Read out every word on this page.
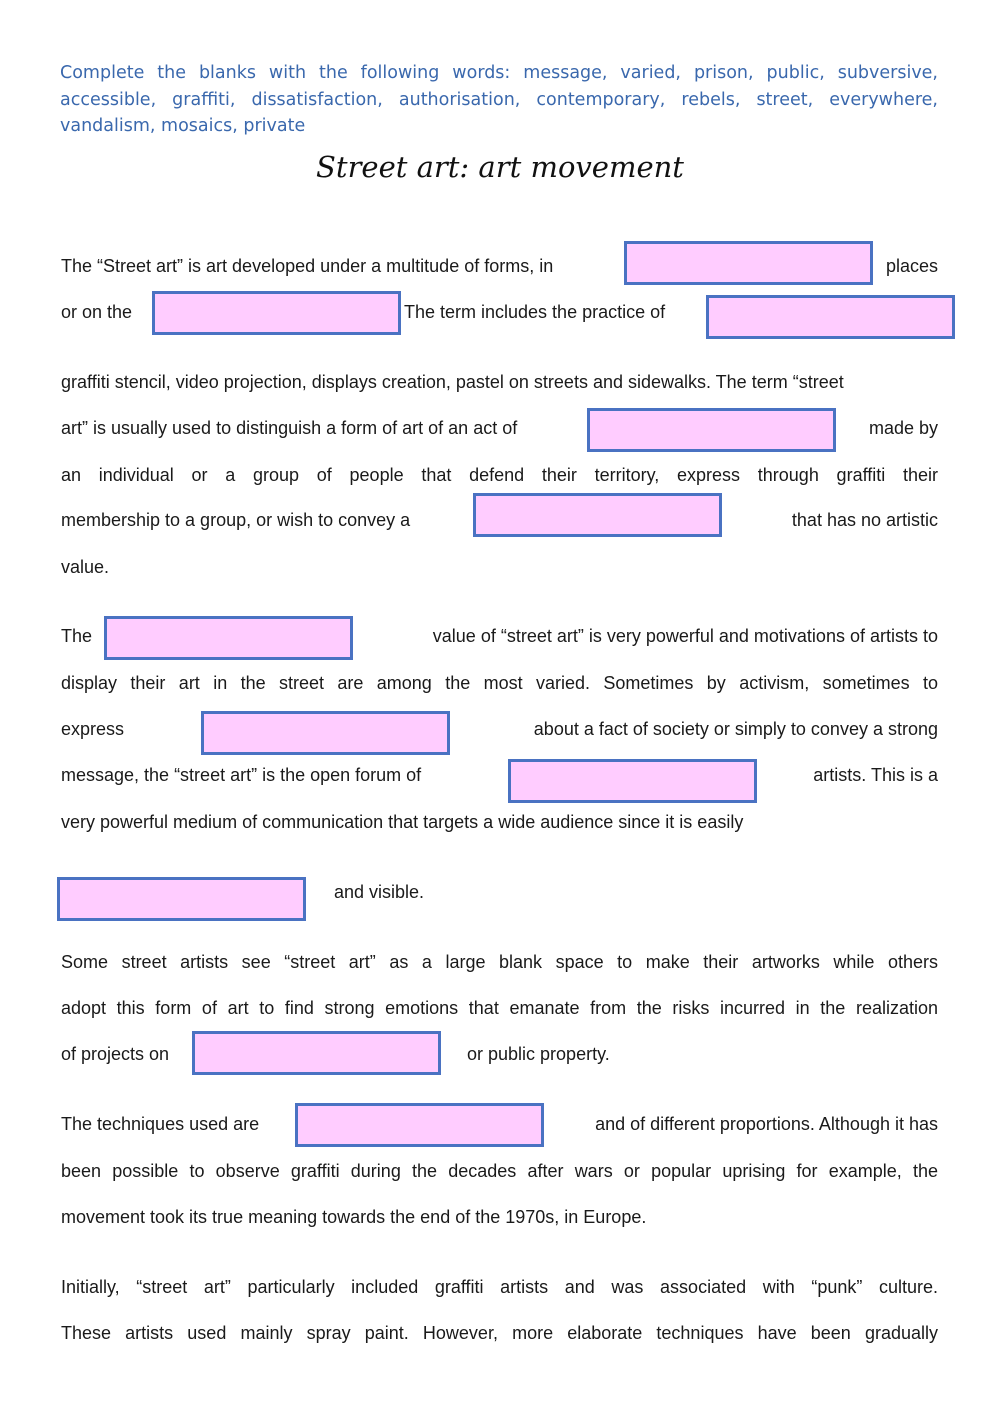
Complete the blanks with the following words: message, varied, prison, public, subversive, accessible, graffiti, dissatisfaction, authorisation, contemporary, rebels, street, everywhere, vandalism, mosaics, private
Street art: art movement
The “Street art” is art developed under a multitude of forms, in	places
or on the	The term includes the practice of
graffiti stencil, video projection, displays creation, pastel on streets and sidewalks. The term “street
art” is usually used to distinguish a form of art of an act of	made by
an individual or a group of people that defend their territory, express through graffiti their
membership to a group, or wish to convey a	that has no artistic
value.
The	value of “street art” is very powerful and motivations of artists to
display their art in the street are among the most varied. Sometimes by activism, sometimes to
express	about a fact of society or simply to convey a strong
message, the “street art” is the open forum of	artists. This is a
very powerful medium of communication that targets a wide audience since it is easily
and visible.
Some street artists see “street art” as a large blank space to make their artworks while others
adopt this form of art to find strong emotions that emanate from the risks incurred in the realization
of projects on	or public property.
The techniques used are	and of different proportions. Although it has
been possible to observe graffiti during the decades after wars or popular uprising for example, the
movement took its true meaning towards the end of the 1970s, in Europe.
Initially, “street art” particularly included graffiti artists and was associated with “punk” culture.
These artists used mainly spray paint. However, more elaborate techniques have been gradually
